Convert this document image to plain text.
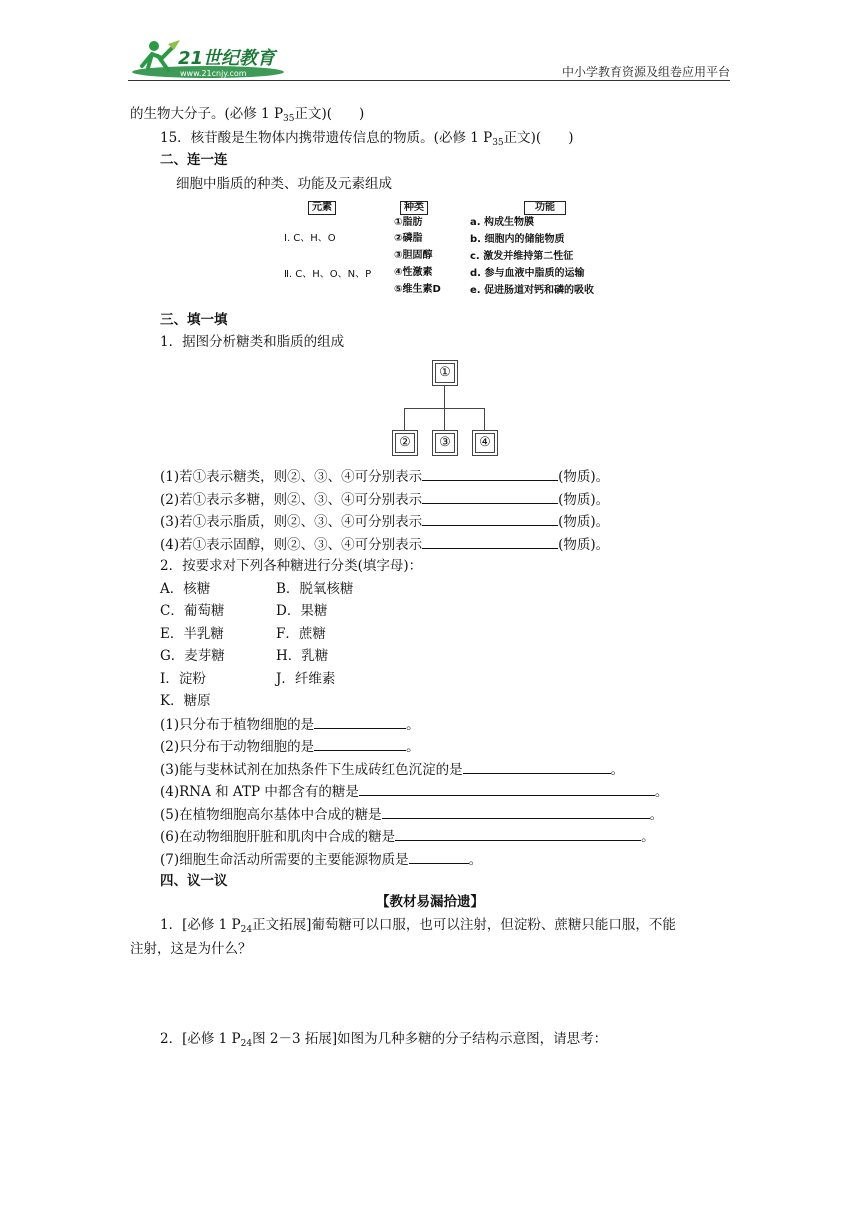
21世纪教育
www.21cnjy.com	中小学教育资源及组卷应用平台
的生物大分子。(必修 1 $P_{35}$正文)(　　)
15．核苷酸是生物体内携带遗传信息的物质。(必修 1 $P_{35}$正文)(　　)
二、连一连
细胞中脂质的种类、功能及元素组成
元素	种类	功能
Ⅰ. C、H、O
Ⅱ. C、H、O、N、P
①脂肪
②磷脂
③胆固醇
④性激素
⑤维生素D
a. 构成生物膜
b. 细胞内的储能物质
c. 激发并维持第二性征
d. 参与血液中脂质的运输
e. 促进肠道对钙和磷的吸收
三、填一填
1．据图分析糖类和脂质的组成
①
②	③	④
(1)若①表示糖类，则②、③、④可分别表示	(物质)。
(2)若①表示多糖，则②、③、④可分别表示	(物质)。
(3)若①表示脂质，则②、③、④可分别表示	(物质)。
(4)若①表示固醇，则②、③、④可分别表示	(物质)。
2．按要求对下列各种糖进行分类(填字母)：
A．核糖	B．脱氧核糖
C．葡萄糖	D．果糖
E．半乳糖	F．蔗糖
G．麦芽糖	H．乳糖
I．淀粉	J．纤维素
K．糖原
(1)只分布于植物细胞的是	。
(2)只分布于动物细胞的是	。
(3)能与斐林试剂在加热条件下生成砖红色沉淀的是	。
(4)RNA 和 ATP 中都含有的糖是	。
(5)在植物细胞高尔基体中合成的糖是	。
(6)在动物细胞肝脏和肌肉中合成的糖是	。
(7)细胞生命活动所需要的主要能源物质是	。
四、议一议
【教材易漏拾遗】
1．[必修 1 $P_{24}$正文拓展]葡萄糖可以口服，也可以注射，但淀粉、蔗糖只能口服，不能
注射，这是为什么？
2．[必修 1 $P_{24}$图 2－3 拓展]如图为几种多糖的分子结构示意图，请思考：
